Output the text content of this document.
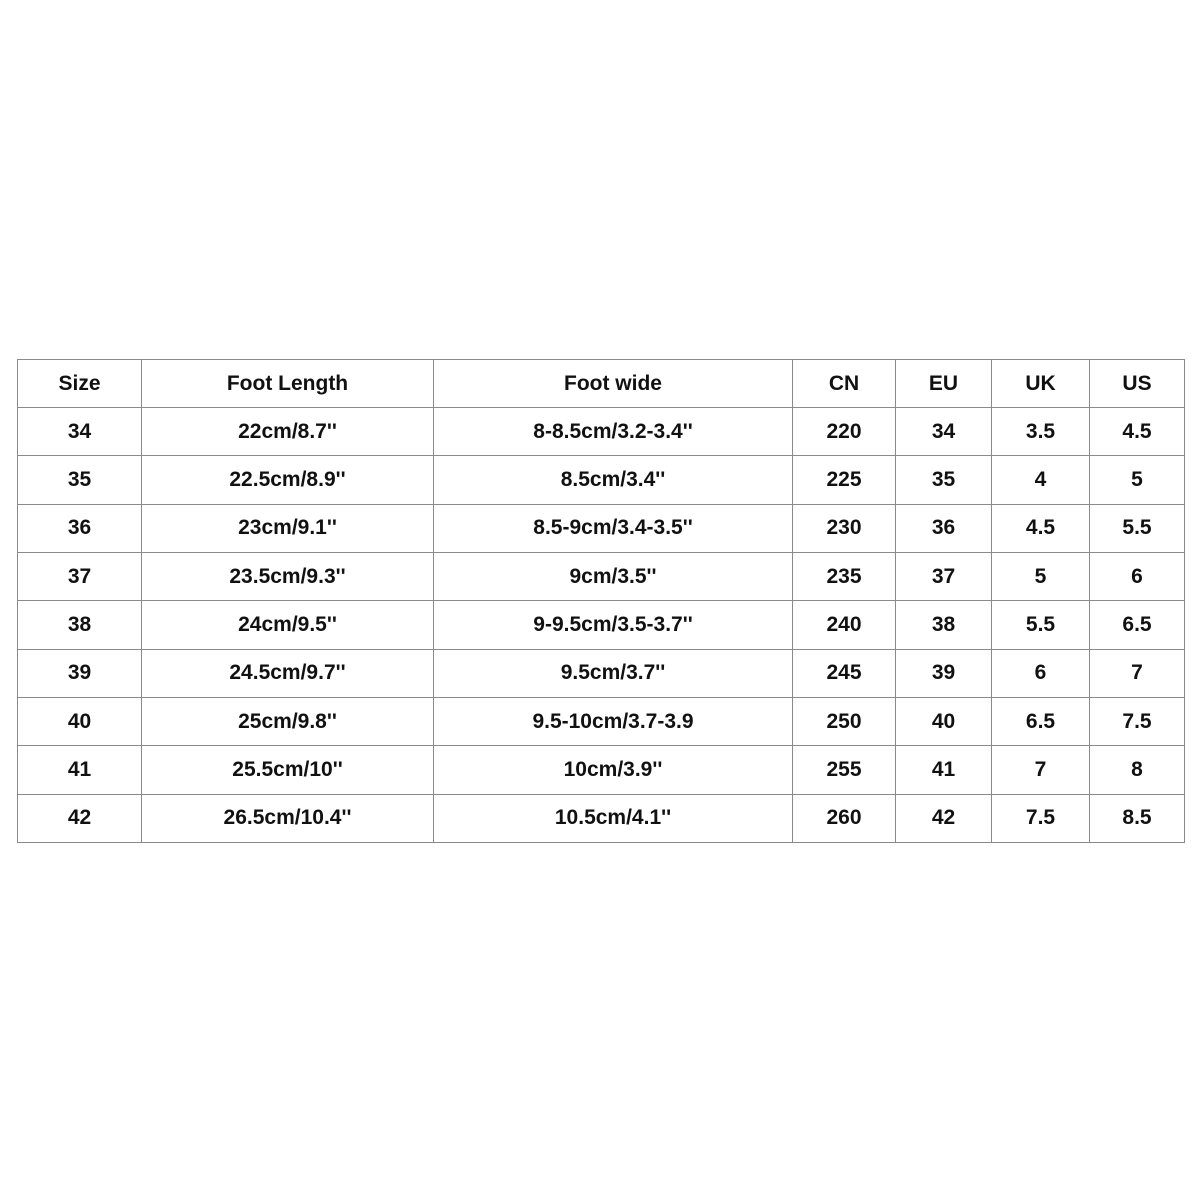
Size	Foot Length	Foot wide	CN	EU	UK	US
34	22cm/8.7''	8-8.5cm/3.2-3.4''	220	34	3.5	4.5
35	22.5cm/8.9''	8.5cm/3.4''	225	35	4	5
36	23cm/9.1''	8.5-9cm/3.4-3.5''	230	36	4.5	5.5
37	23.5cm/9.3''	9cm/3.5''	235	37	5	6
38	24cm/9.5''	9-9.5cm/3.5-3.7''	240	38	5.5	6.5
39	24.5cm/9.7''	9.5cm/3.7''	245	39	6	7
40	25cm/9.8''	9.5-10cm/3.7-3.9	250	40	6.5	7.5
41	25.5cm/10''	10cm/3.9''	255	41	7	8
42	26.5cm/10.4''	10.5cm/4.1''	260	42	7.5	8.5
